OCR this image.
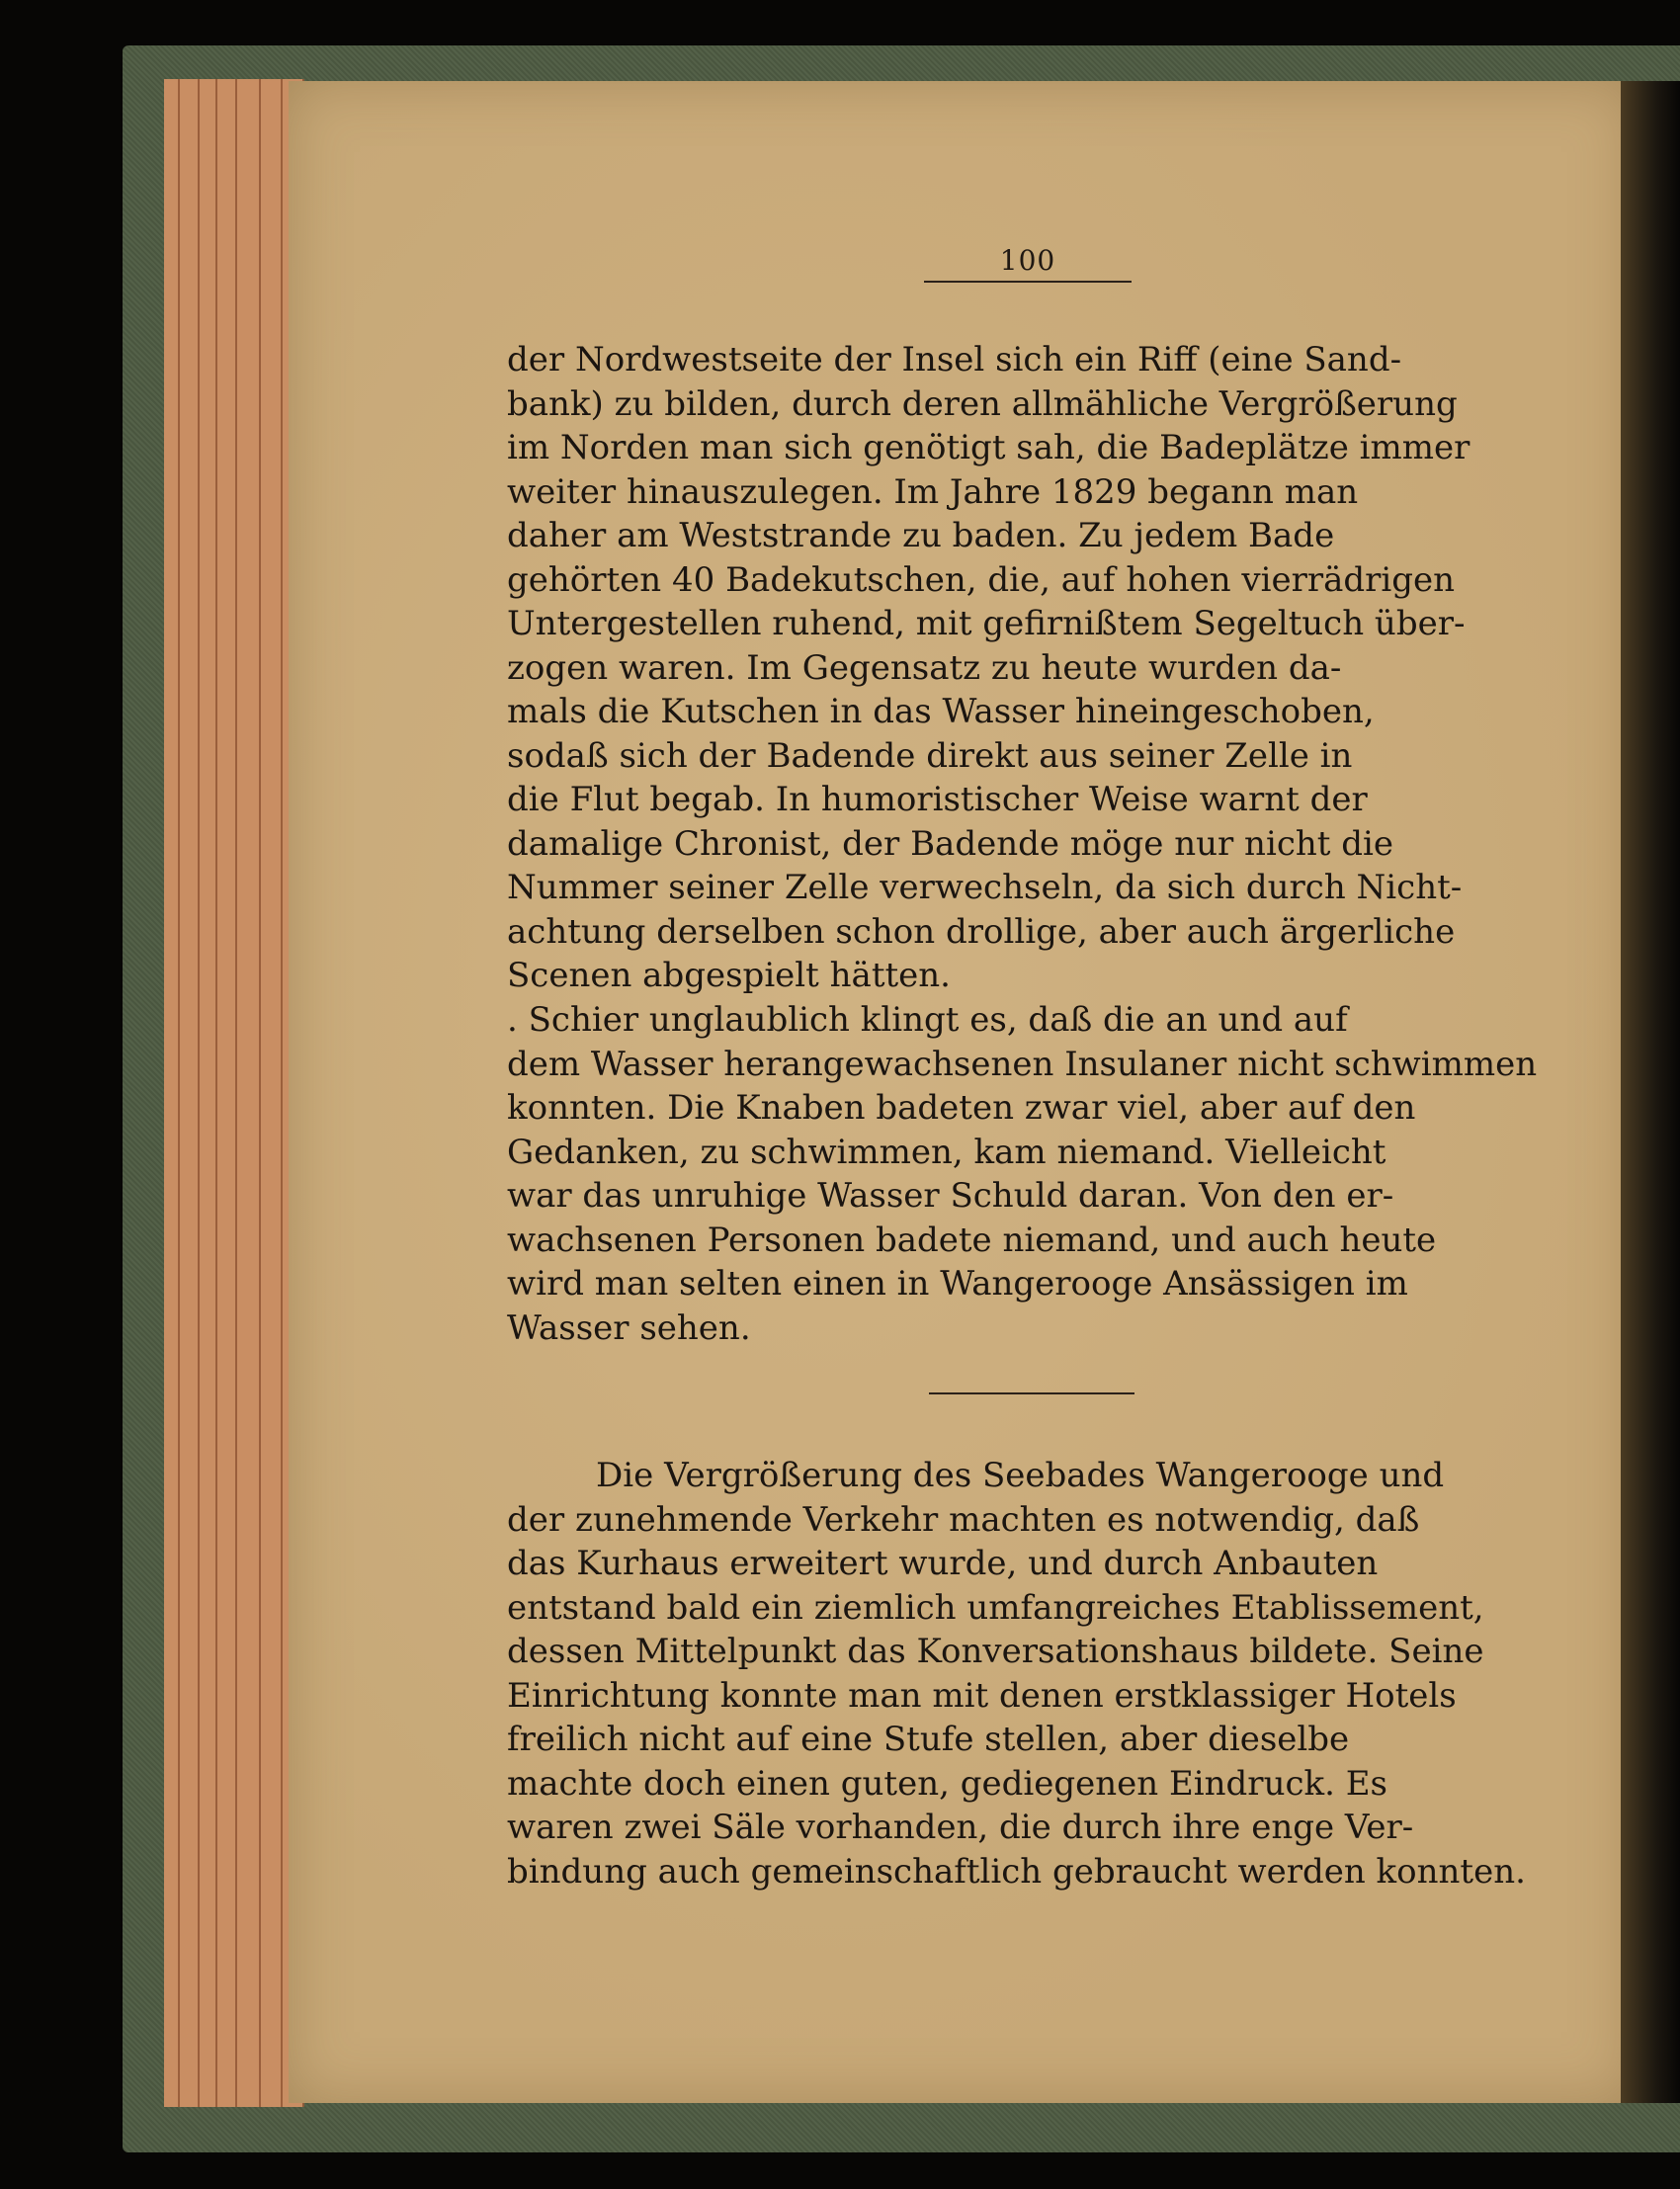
100
der Nordwestseite der Insel sich ein Riff (eine Sand-
bank) zu bilden, durch deren allmähliche Vergrößerung
im Norden man sich genötigt sah, die Badeplätze immer
weiter hinauszulegen. Im Jahre 1829 begann man
daher am Weststrande zu baden. Zu jedem Bade
gehörten 40 Badekutschen, die, auf hohen vierrädrigen
Untergestellen ruhend, mit gefirnißtem Segeltuch über-
zogen waren. Im Gegensatz zu heute wurden da-
mals die Kutschen in das Wasser hineingeschoben,
sodaß sich der Badende direkt aus seiner Zelle in
die Flut begab. In humoristischer Weise warnt der
damalige Chronist, der Badende möge nur nicht die
Nummer seiner Zelle verwechseln, da sich durch Nicht-
achtung derselben schon drollige, aber auch ärgerliche
Scenen abgespielt hätten.
. Schier unglaublich klingt es, daß die an und auf
dem Wasser herangewachsenen Insulaner nicht schwimmen
konnten. Die Knaben badeten zwar viel, aber auf den
Gedanken, zu schwimmen, kam niemand. Vielleicht
war das unruhige Wasser Schuld daran. Von den er-
wachsenen Personen badete niemand, und auch heute
wird man selten einen in Wangerooge Ansässigen im
Wasser sehen.
Die Vergrößerung des Seebades Wangerooge und
der zunehmende Verkehr machten es notwendig, daß
das Kurhaus erweitert wurde, und durch Anbauten
entstand bald ein ziemlich umfangreiches Etablissement,
dessen Mittelpunkt das Konversationshaus bildete. Seine
Einrichtung konnte man mit denen erstklassiger Hotels
freilich nicht auf eine Stufe stellen, aber dieselbe
machte doch einen guten, gediegenen Eindruck. Es
waren zwei Säle vorhanden, die durch ihre enge Ver-
bindung auch gemeinschaftlich gebraucht werden konnten.
